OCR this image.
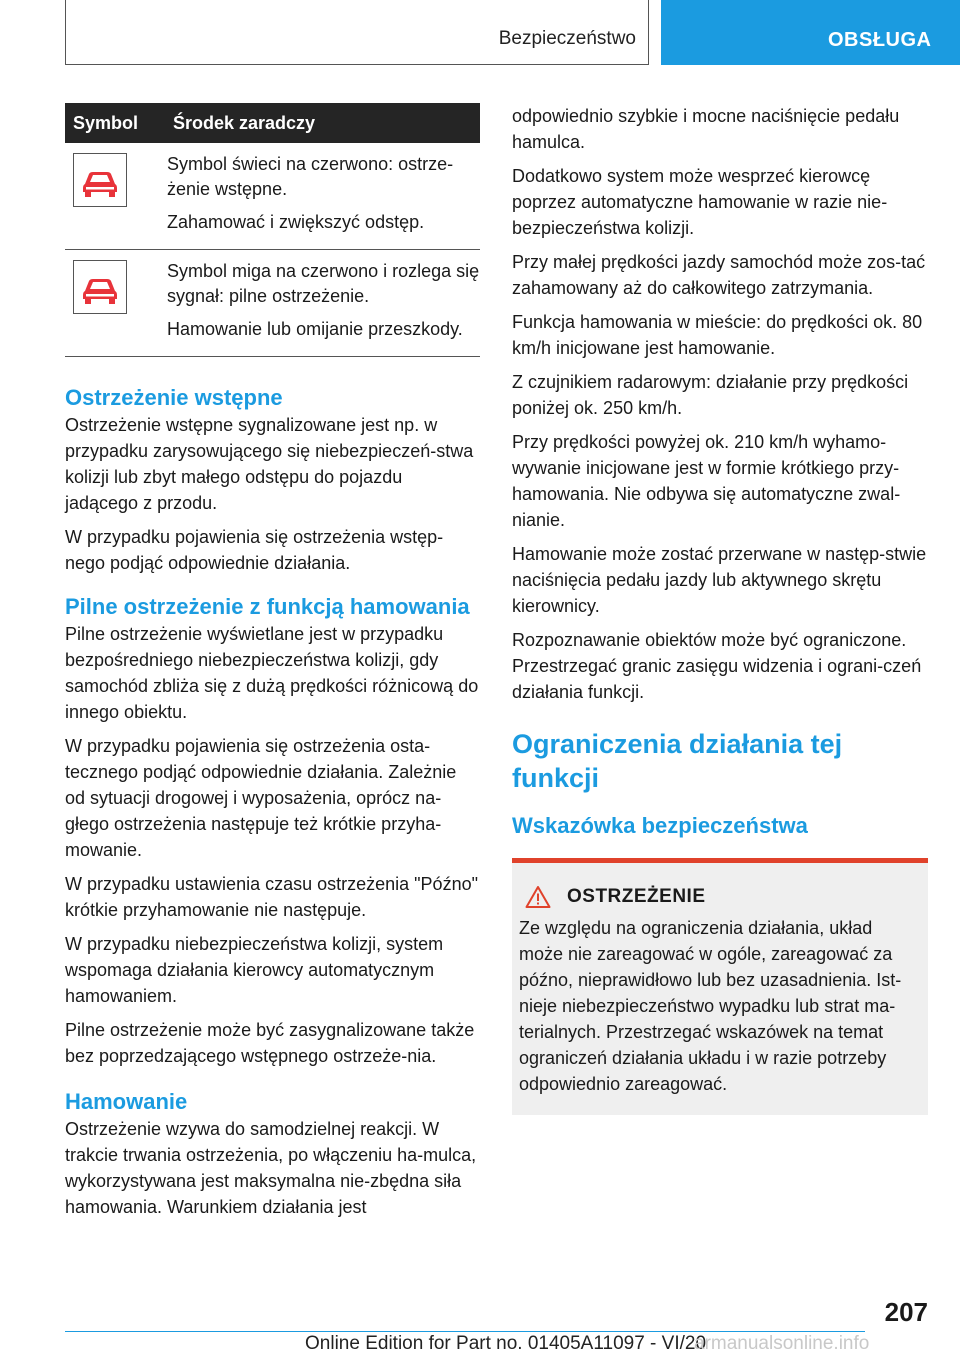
Bezpieczeństwo	OBSŁUGA
Symbol	Środek zaradczy

Symbol świeci na czerwono: ostrze-żenie wstępne.

Zahamować i zwiększyć odstęp.

Symbol miga na czerwono i rozlega się sygnał: pilne ostrzeżenie.

Hamowanie lub omijanie przeszkody.

Ostrzeżenie wstępne

Ostrzeżenie wstępne sygnalizowane jest np. w przypadku zarysowującego się niebezpieczeń-stwa kolizji lub zbyt małego odstępu do pojazdu jadącego z przodu.

W przypadku pojawienia się ostrzeżenia wstęp-nego podjąć odpowiednie działania.

Pilne ostrzeżenie z funkcją hamowania

Pilne ostrzeżenie wyświetlane jest w przypadku bezpośredniego niebezpieczeństwa kolizji, gdy samochód zbliża się z dużą prędkości różnicową do innego obiektu.

W przypadku pojawienia się ostrzeżenia osta-tecznego podjąć odpowiednie działania. Zależnie od sytuacji drogowej i wyposażenia, oprócz na-głego ostrzeżenia następuje też krótkie przyha-mowanie.

W przypadku ustawienia czasu ostrzeżenia "Późno" krótkie przyhamowanie nie następuje.

W przypadku niebezpieczeństwa kolizji, system wspomaga działania kierowcy automatycznym hamowaniem.

Pilne ostrzeżenie może być zasygnalizowane także bez poprzedzającego wstępnego ostrzeże-nia.

Hamowanie

Ostrzeżenie wzywa do samodzielnej reakcji. W trakcie trwania ostrzeżenia, po włączeniu ha-mulca, wykorzystywana jest maksymalna nie-zbędna siła hamowania. Warunkiem działania jest

odpowiednio szybkie i mocne naciśnięcie pedału hamulca.

Dodatkowo system może wesprzeć kierowcę poprzez automatyczne hamowanie w razie nie-bezpieczeństwa kolizji.

Przy małej prędkości jazdy samochód może zos-tać zahamowany aż do całkowitego zatrzymania.

Funkcja hamowania w mieście: do prędkości ok. 80 km/h inicjowane jest hamowanie.

Z czujnikiem radarowym: działanie przy prędkości poniżej ok. 250 km/h.

Przy prędkości powyżej ok. 210 km/h wyhamo-wywanie inicjowane jest w formie krótkiego przy-hamowania. Nie odbywa się automatyczne zwal-nianie.

Hamowanie może zostać przerwane w następ-stwie naciśnięcia pedału jazdy lub aktywnego skrętu kierownicy.

Rozpoznawanie obiektów może być ograniczone. Przestrzegać granic zasięgu widzenia i ograni-czeń działania funkcji.

Ograniczenia działania tej funkcji
Wskazówka bezpieczeństwa
OSTRZEŻENIE

Ze względu na ograniczenia działania, układ może nie zareagować w ogóle, zareagować za późno, nieprawidłowo lub bez uzasadnienia. Ist-nieje niebezpieczeństwo wypadku lub strat ma-terialnych. Przestrzegać wskazówek na temat ograniczeń działania układu i w razie potrzeby odpowiednio zareagować.

207
Online Edition for Part no. 01405A11097 - VI/20
armanualsonline.info
